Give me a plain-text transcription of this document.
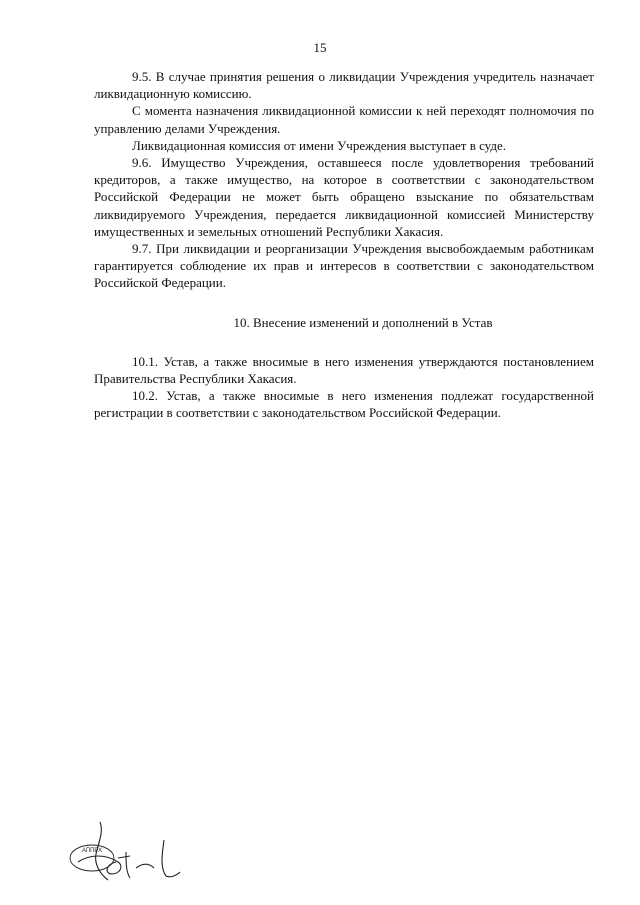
15

9.5. В случае принятия решения о ликвидации Учреждения учредитель назначает ликвидационную комиссию.

С момента назначения ликвидационной комиссии к ней переходят полномочия по управлению делами Учреждения.

Ликвидационная комиссия от имени Учреждения выступает в суде.

9.6. Имущество Учреждения, оставшееся после удовлетворения требований кредиторов, а также имущество, на которое в соответствии с законодательством Российской Федерации не может быть обращено взыскание по обязательствам ликвидируемого Учреждения, передается ликвидационной комиссией Министерству имущественных и земельных отношений Республики Хакасия.

9.7. При ликвидации и реорганизации Учреждения высвобождаемым работникам гарантируется соблюдение их прав и интересов в соответствии с законодательством Российской Федерации.

10. Внесение изменений и дополнений в Устав

10.1. Устав, а также вносимые в него изменения утверждаются постановлением Правительства Республики Хакасия.

10.2. Устав, а также вносимые в него изменения подлежат государственной регистрации в соответствии с законодательством Российской Федерации.

АППРХ
